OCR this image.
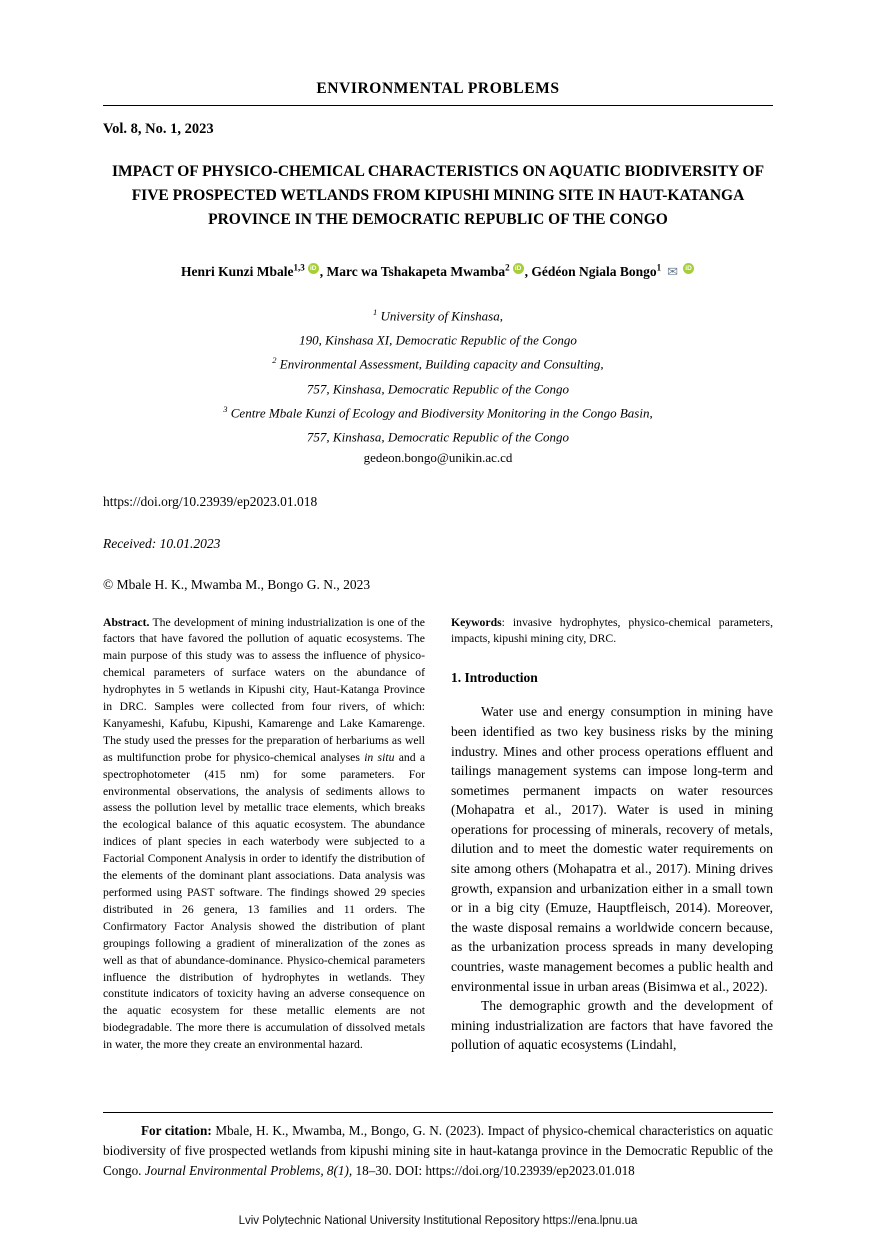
ENVIRONMENTAL PROBLEMS
Vol. 8, No. 1, 2023
IMPACT OF PHYSICO-CHEMICAL CHARACTERISTICS ON AQUATIC BIODIVERSITY OF FIVE PROSPECTED WETLANDS FROM KIPUSHI MINING SITE IN HAUT-KATANGA PROVINCE IN THE DEMOCRATIC REPUBLIC OF THE CONGO
Henri Kunzi Mbale$^{1,3}$ iD , Marc wa Tshakapeta Mwamba$^2$ iD , Gédéon Ngiala Bongo$^1$ ✉ iD
$^1$ University of Kinshasa,
190, Kinshasa XI, Democratic Republic of the Congo
$^2$ Environmental Assessment, Building capacity and Consulting,
757, Kinshasa, Democratic Republic of the Congo
$^3$ Centre Mbale Kunzi of Ecology and Biodiversity Monitoring in the Congo Basin,
757, Kinshasa, Democratic Republic of the Congo
gedeon.bongo@unikin.ac.cd
https://doi.org/10.23939/ep2023.01.018
Received: 10.01.2023
© Mbale H. K., Mwamba M., Bongo G. N., 2023

Abstract. The development of mining industrialization is one of the factors that have favored the pollution of aquatic ecosystems. The main purpose of this study was to assess the influence of physico-chemical parameters of surface waters on the abundance of hydrophytes in 5 wetlands in Kipushi city, Haut-Katanga Province in DRC. Samples were collected from four rivers, of which: Kanyameshi, Kafubu, Kipushi, Kamarenge and Lake Kamarenge. The study used the presses for the preparation of herbariums as well as multifunction probe for physico-chemical analyses in situ and a spectrophotometer (415 nm) for some parameters. For environmental observations, the analysis of sediments allows to assess the pollution level by metallic trace elements, which breaks the ecological balance of this aquatic ecosystem. The abundance indices of plant species in each waterbody were subjected to a Factorial Component Analysis in order to identify the distribution of the elements of the dominant plant associations. Data analysis was performed using PAST software. The findings showed 29 species distributed in 26 genera, 13 families and 11 orders. The Confirmatory Factor Analysis showed the distribution of plant groupings following a gradient of mineralization of the zones as well as that of abundance-dominance. Physico-chemical parameters influence the distribution of hydrophytes in wetlands. They constitute indicators of toxicity having an adverse consequence on the aquatic ecosystem for these metallic elements are not biodegradable. The more there is accumulation of dissolved metals in water, the more they create an environmental hazard.

Keywords: invasive hydrophytes, physico-chemical parameters, impacts, kipushi mining city, DRC.

1. Introduction

Water use and energy consumption in mining have been identified as two key business risks by the mining industry. Mines and other process operations effluent and tailings management systems can impose long-term and sometimes permanent impacts on water resources (Mohapatra et al., 2017). Water is used in mining operations for processing of minerals, recovery of metals, dilution and to meet the domestic water requirements on site among others (Mohapatra et al., 2017). Mining drives growth, expansion and urbanization either in a small town or in a big city (Emuze, Hauptfleisch, 2014). Moreover, the waste disposal remains a worldwide concern because, as the urbanization process spreads in many developing countries, waste management becomes a public health and environmental issue in urban areas (Bisimwa et al., 2022).

The demographic growth and the development of mining industrialization are factors that have favored the pollution of aquatic ecosystems (Lindahl,

For citation: Mbale, H. K., Mwamba, M., Bongo, G. N. (2023). Impact of physico-chemical characteristics on aquatic biodiversity of five prospected wetlands from kipushi mining site in haut-katanga province in the Democratic Republic of the Congo. Journal Environmental Problems, 8(1), 18–30. DOI: https://doi.org/10.23939/ep2023.01.018
Lviv Polytechnic National University Institutional Repository https://ena.lpnu.ua
